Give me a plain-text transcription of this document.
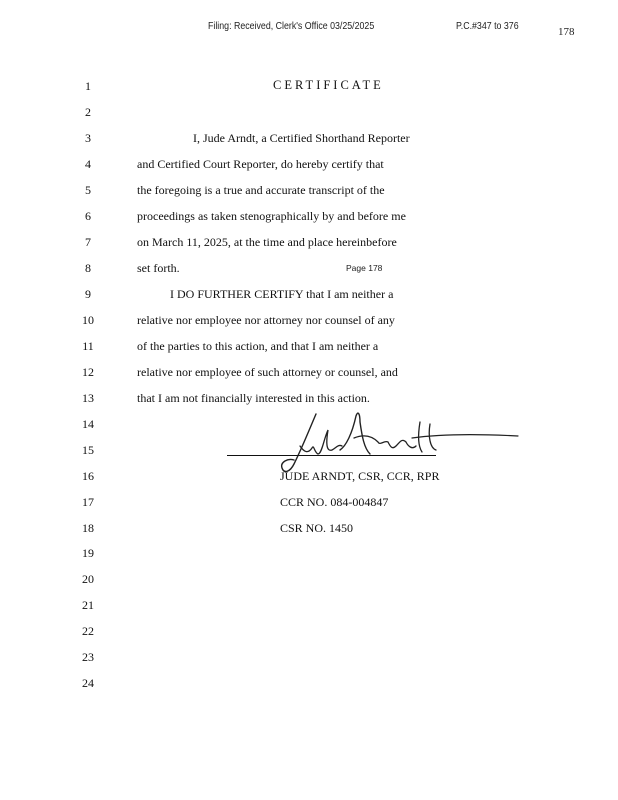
Filing: Received, Clerk's Office 03/25/2025	P.C.#347 to 376	178
CERTIFICATE
1
2
3
4
5
6
7
8
9
10
11
12
13
14
15
16
17
18
19
20
21
22
23
24
I, Jude Arndt, a Certified Shorthand Reporter
and Certified Court Reporter, do hereby certify that
the foregoing is a true and accurate transcript of the
proceedings as taken stenographically by and before me
on March 11, 2025, at the time and place hereinbefore
set forth.
I DO FURTHER CERTIFY that I am neither a
relative nor employee nor attorney nor counsel of any
of the parties to this action, and that I am neither a
relative nor employee of such attorney or counsel, and
that I am not financially interested in this action.
Page 178
JUDE ARNDT, CSR, CCR, RPR
CCR NO. 084-004847
CSR NO. 1450
